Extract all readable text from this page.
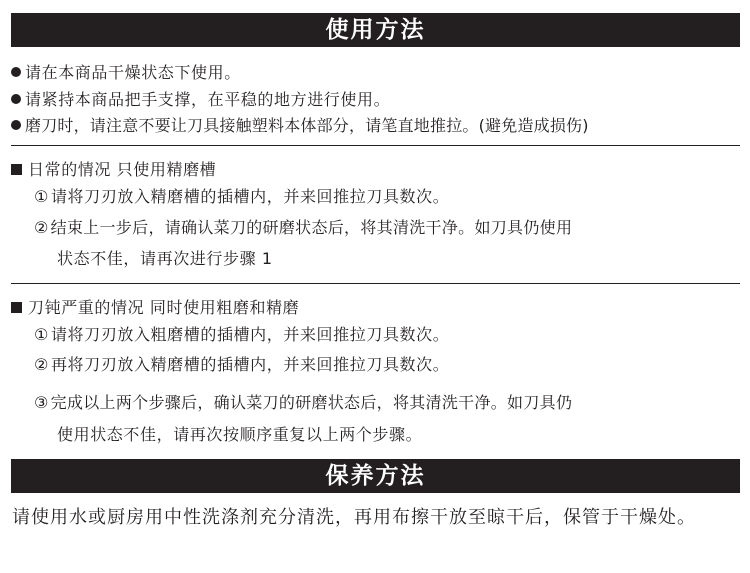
使用方法
请在本商品干燥状态下使用。
请紧持本商品把手支撑，在平稳的地方进行使用。
磨刀时，请注意不要让刀具接触塑料本体部分，请笔直地推拉。(避免造成损伤)
日常的情况 只使用精磨槽
① 请将刀刃放入精磨槽的插槽内，并来回推拉刀具数次。
② 结束上一步后，请确认菜刀的研磨状态后，将其清洗干净。如刀具仍使用
状态不佳，请再次进行步骤 1
刀钝严重的情况 同时使用粗磨和精磨
① 请将刀刃放入粗磨槽的插槽内，并来回推拉刀具数次。
② 再将刀刃放入精磨槽的插槽内，并来回推拉刀具数次。
③ 完成以上两个步骤后，确认菜刀的研磨状态后，将其清洗干净。如刀具仍
使用状态不佳，请再次按顺序重复以上两个步骤。
保养方法
请使用水或厨房用中性洗涤剂充分清洗，再用布擦干放至晾干后，保管于干燥处。
